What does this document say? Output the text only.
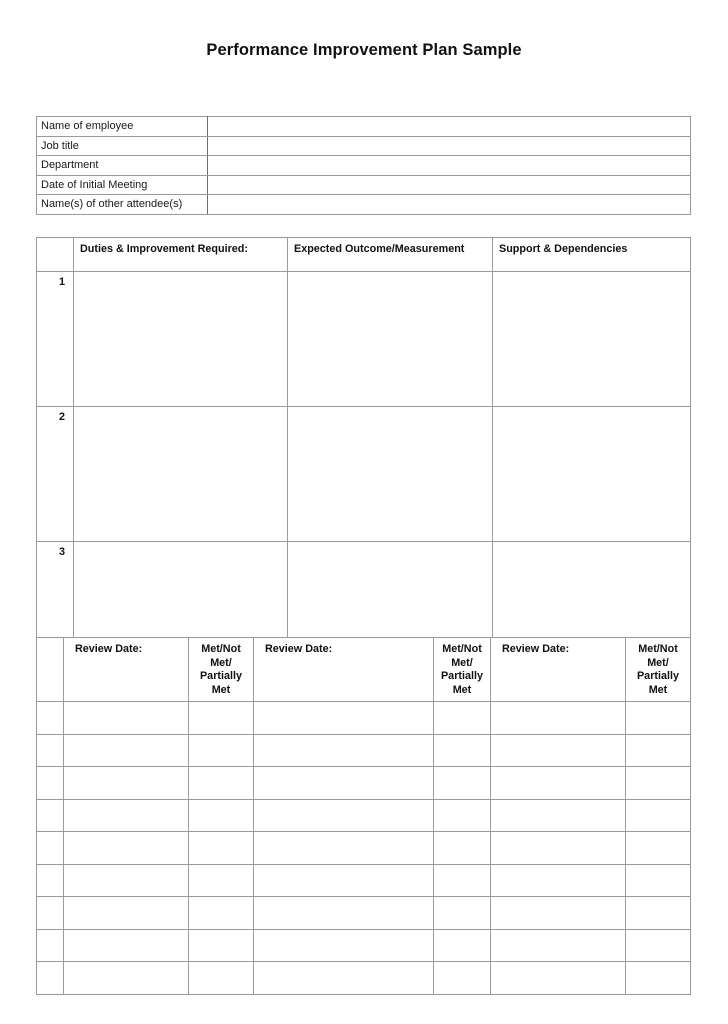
Performance Improvement Plan Sample
Name of employee	
Job title	
Department	
Date of Initial Meeting	
Name(s) of other attendee(s)	
	Duties & Improvement Required:	Expected Outcome/Measurement	Support & Dependencies
1			
2			
3			
	Review Date:	Met/Not
Met/
Partially
Met	Review Date:	Met/Not
Met/
Partially
Met	Review Date:	Met/Not
Met/
Partially
Met
